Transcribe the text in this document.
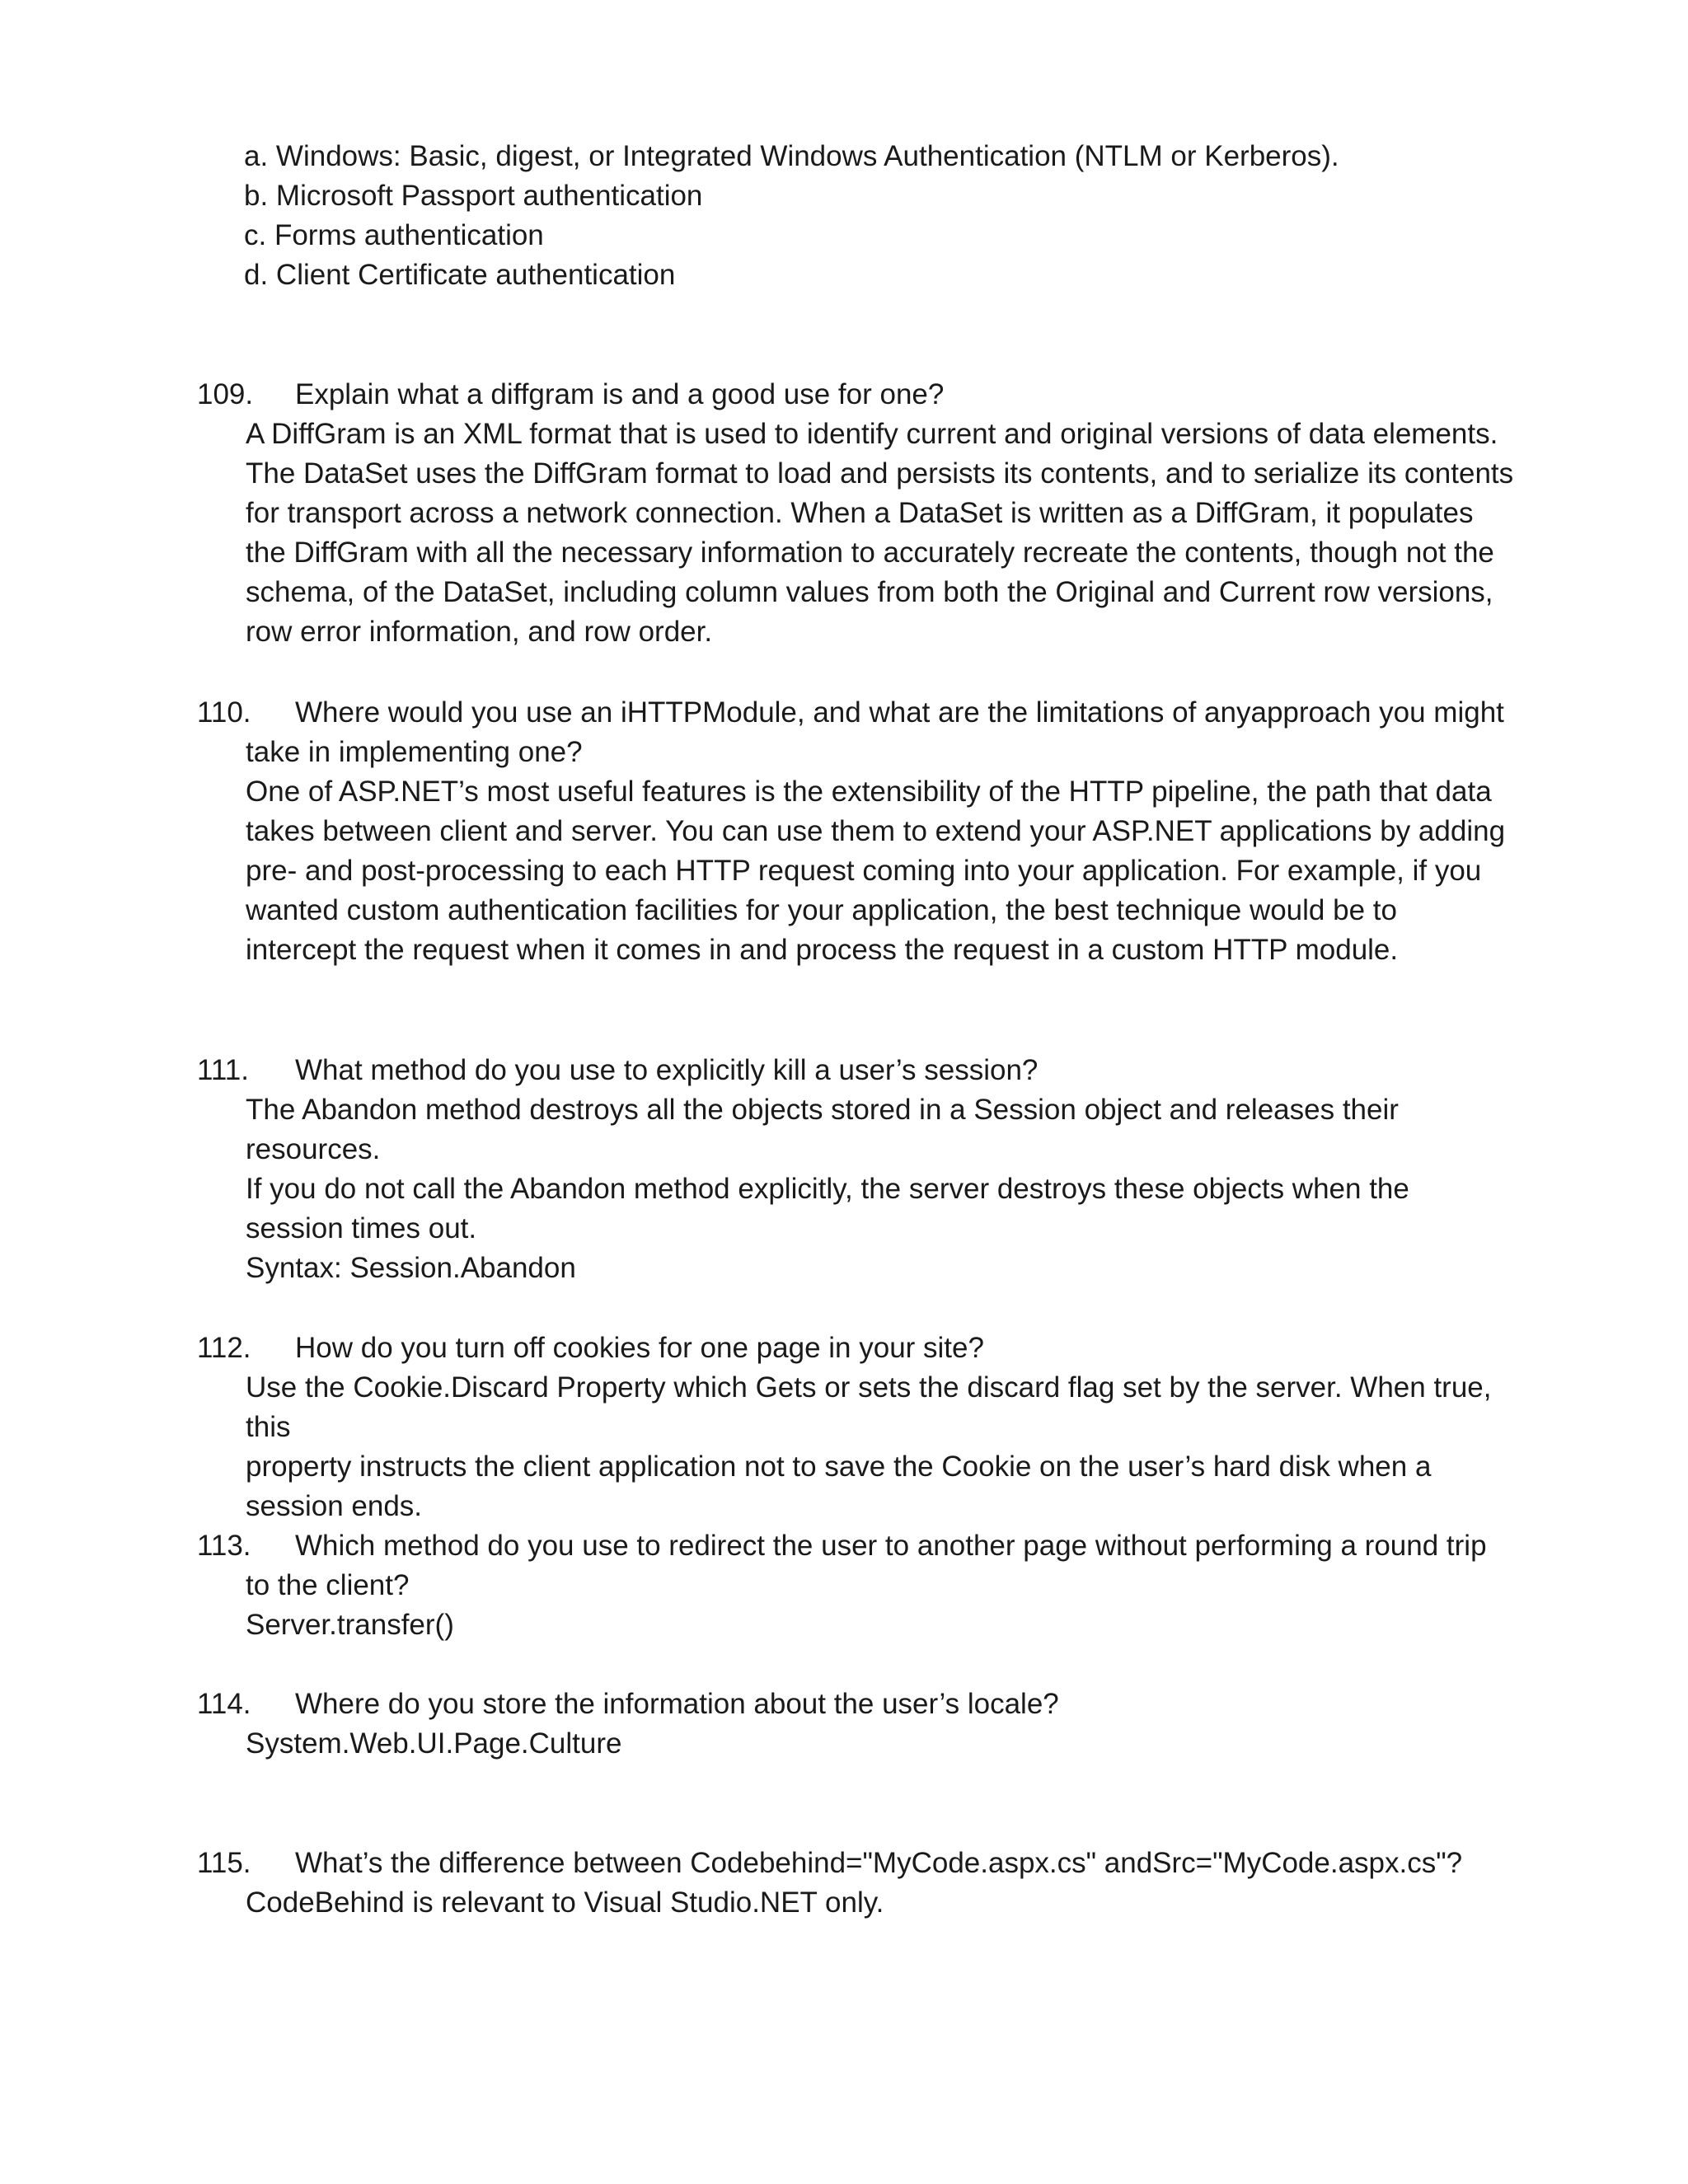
a. Windows: Basic, digest, or Integrated Windows Authentication (NTLM or Kerberos).
b. Microsoft Passport authentication
c. Forms authentication
d. Client Certificate authentication
109. Explain what a diffgram is and a good use for one?
A DiffGram is an XML format that is used to identify current and original versions of data elements.
The DataSet uses the DiffGram format to load and persists its contents, and to serialize its contents
for transport across a network connection. When a DataSet is written as a DiffGram, it populates
the DiffGram with all the necessary information to accurately recreate the contents, though not the
schema, of the DataSet, including column values from both the Original and Current row versions,
row error information, and row order.
110. Where would you use an iHTTPModule, and what are the limitations of anyapproach you might
take in implementing one?
One of ASP.NET’s most useful features is the extensibility of the HTTP pipeline, the path that data
takes between client and server. You can use them to extend your ASP.NET applications by adding
pre- and post-processing to each HTTP request coming into your application. For example, if you
wanted custom authentication facilities for your application, the best technique would be to
intercept the request when it comes in and process the request in a custom HTTP module.
111. What method do you use to explicitly kill a user’s session?
The Abandon method destroys all the objects stored in a Session object and releases their
resources.
If you do not call the Abandon method explicitly, the server destroys these objects when the
session times out.
Syntax: Session.Abandon
112. How do you turn off cookies for one page in your site?
Use the Cookie.Discard Property which Gets or sets the discard flag set by the server. When true,
this
property instructs the client application not to save the Cookie on the user’s hard disk when a
session ends.
113. Which method do you use to redirect the user to another page without performing a round trip
to the client?
Server.transfer()
114. Where do you store the information about the user’s locale?
System.Web.UI.Page.Culture
115. What’s the difference between Codebehind="MyCode.aspx.cs" andSrc="MyCode.aspx.cs"?
CodeBehind is relevant to Visual Studio.NET only.
